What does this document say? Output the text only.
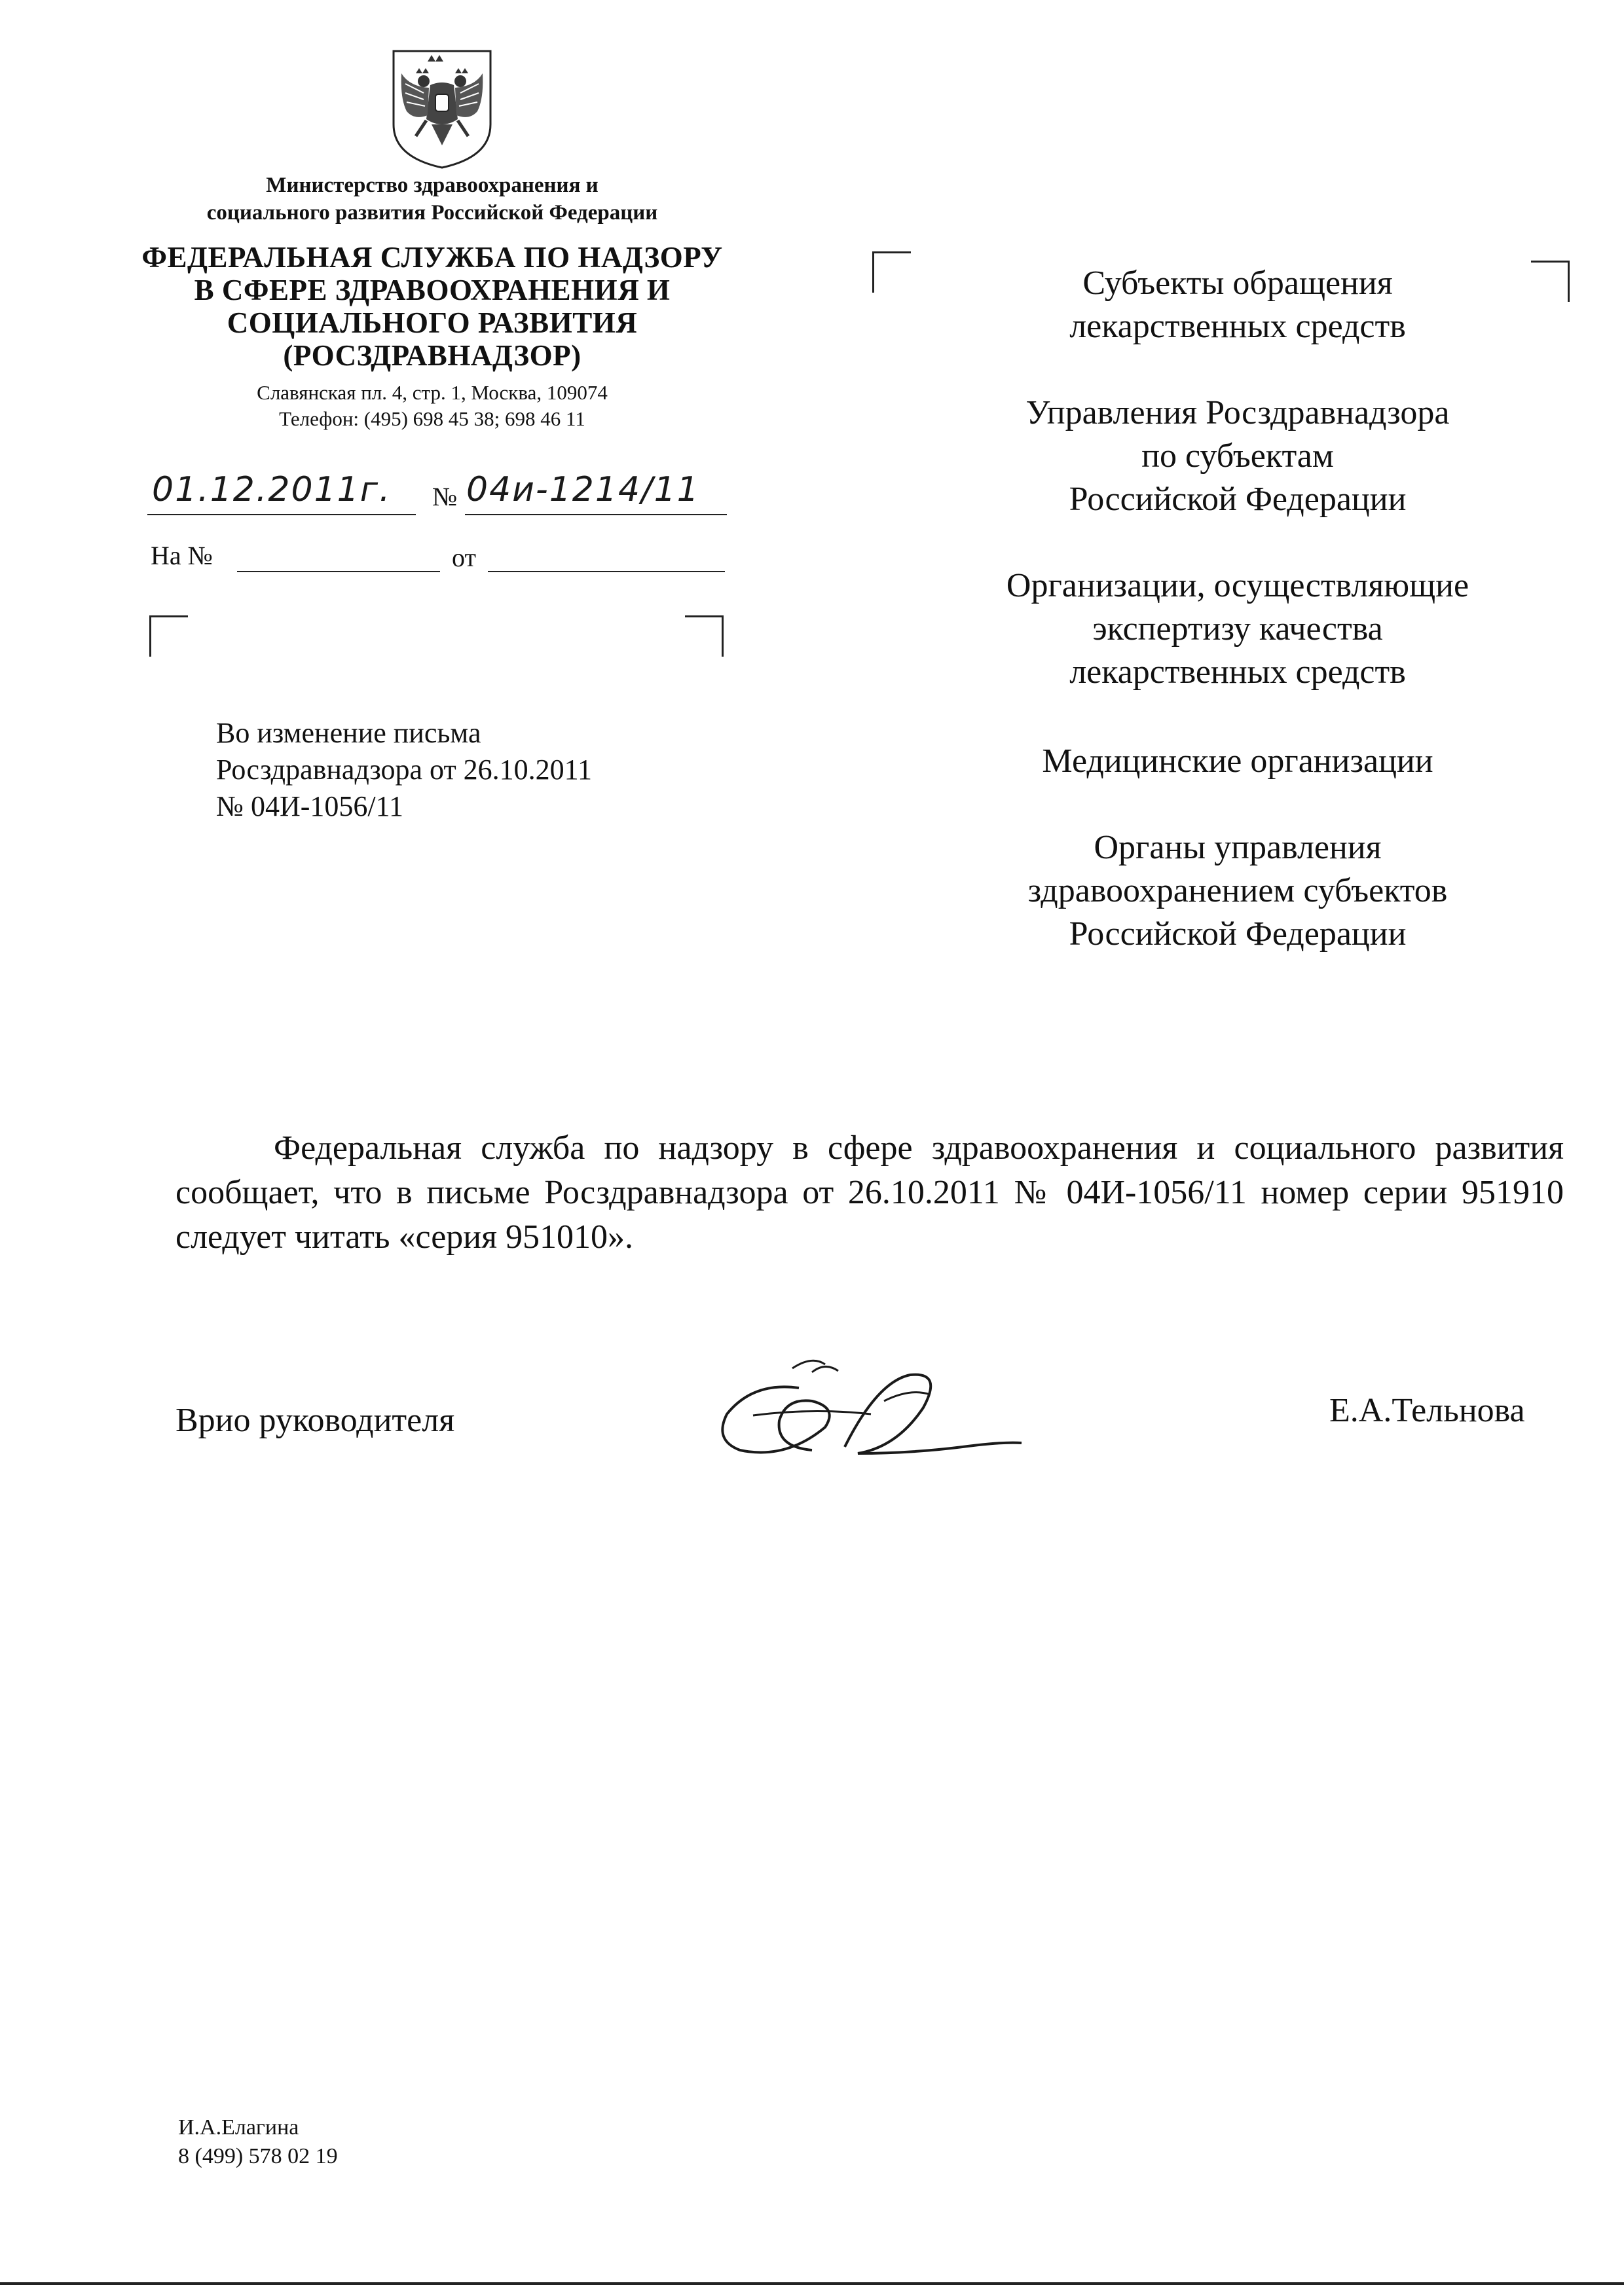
Министерство здравоохранения и
социального развития Российской Федерации
ФЕДЕРАЛЬНАЯ СЛУЖБА ПО НАДЗОРУ
В СФЕРЕ ЗДРАВООХРАНЕНИЯ И
СОЦИАЛЬНОГО РАЗВИТИЯ
(РОСЗДРАВНАДЗОР)
Славянская пл. 4, стр. 1, Москва, 109074
Телефон: (495) 698 45 38; 698 46 11
01.12.2011г. № 04и-1214/11
На №	от

Субъекты обращения

лекарственных средств

Управления Росздравнадзора

по субъектам

Российской Федерации

Организации, осуществляющие

экспертизу качества

лекарственных средств

Медицинские организации

Органы управления

здравоохранением субъектов

Российской Федерации

Во изменение письма

Росздравнадзора от 26.10.2011

№ 04И-1056/11

Федеральная служба по надзору в сфере здравоохранения и социального развития сообщает, что в письме Росздравнадзора от 26.10.2011 № 04И-1056/11 номер серии 951910 следует читать «серия 951010».

Врио руководителя	Е.А.Тельнова

И.А.Елагина

8 (499) 578 02 19
